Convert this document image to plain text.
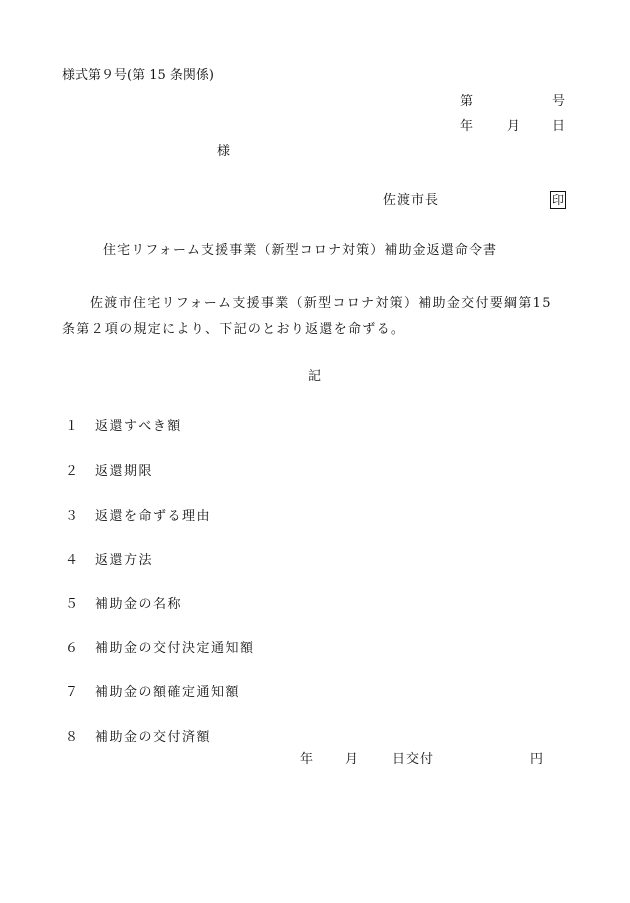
様式第９号(第 15 条関係)
第	号
年	月 日
様
佐渡市長	印
住宅リフォーム支援事業（新型コロナ対策）補助金返還命令書
佐渡市住宅リフォーム支援事業（新型コロナ対策）補助金交付要綱第15 条第２項の規定により、下記のとおり返還を命ずる。
記
１ 返還すべき額
２ 返還期限
３ 返還を命ずる理由
４ 返還方法
５ 補助金の名称
６ 補助金の交付決定通知額
７ 補助金の額確定通知額
８ 補助金の交付済額
年 月	日交付	円
